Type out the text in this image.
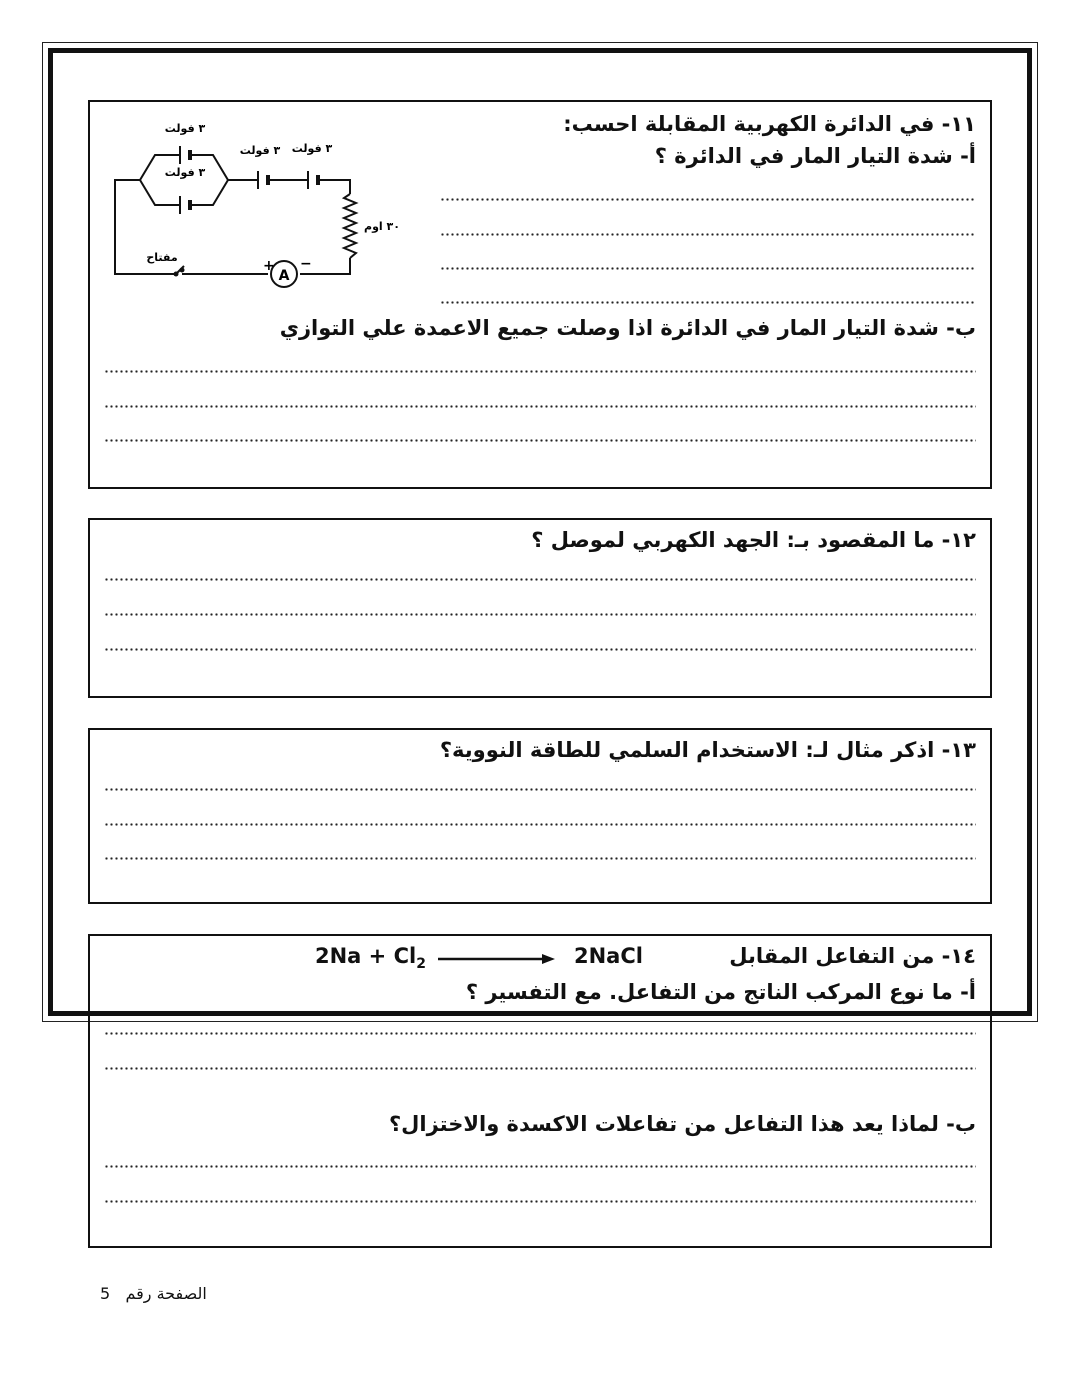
١١- في الدائرة الكهربية المقابلة احسب:
أ- شدة التيار المار في الدائرة ؟
ب- شدة التيار المار في الدائرة اذا وصلت جميع الاعمدة علي التوازي
A
+ −
٣ فولت
٣ فولت
٣ فولت ٣ فولت
٣٠ اوم
مفتاح
١٢- ما المقصود بـ: الجهد الكهربي لموصل ؟
١٣- اذكر مثال لـ: الاستخدام السلمي للطاقة النووية؟
١٤- من التفاعل المقابل
$2Na + Cl_2$	2NaCl
أ- ما نوع المركب الناتج من التفاعل. مع التفسير ؟
ب- لماذا يعد هذا التفاعل من تفاعلات الاكسدة والاختزال؟
الصفحة رقم   5
